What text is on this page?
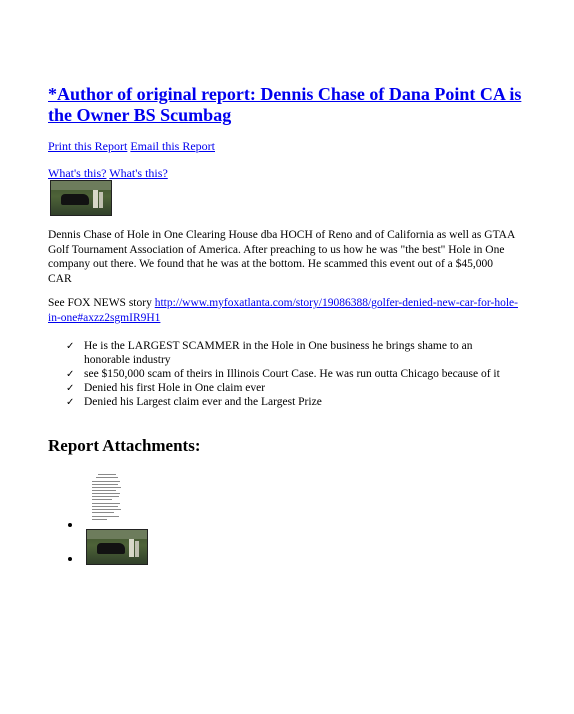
*Author of original report: Dennis Chase of Dana Point CA is the Owner BS Scumbag
Print this Report Email this Report
What's this? What's this?
Dennis Chase of Hole in One Clearing House dba HOCH of Reno and of California as well as GTAA Golf Tournament Association of America. After preaching to us how he was "the best" Hole in One company out there. We found that he was at the bottom. He scammed this event out of a $45,000 CAR
See FOX NEWS story http://www.myfoxatlanta.com/story/19086388/golfer-denied-new-car-for-hole-in-one#axzz2sgmIR9H1
✓ He is the LARGEST SCAMMER in the Hole in One business he brings shame to an honorable industry
✓ see $150,000 scam of theirs in Illinois Court Case. He was run outta Chicago because of it
✓ Denied his first Hole in One claim ever
✓ Denied his Largest claim ever and the Largest Prize
Report Attachments:
